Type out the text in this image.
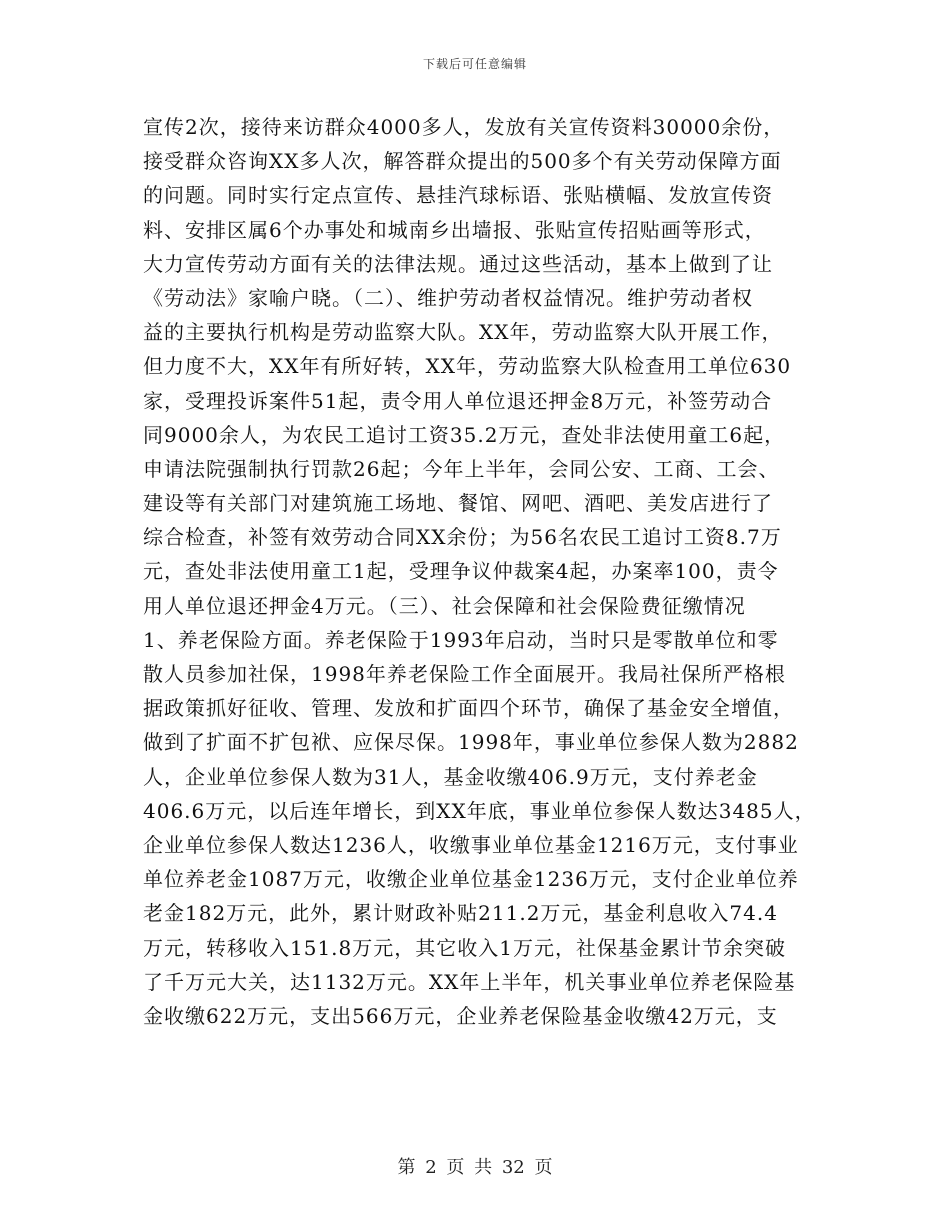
下载后可任意编辑
宣传2次，接待来访群众4000多人，发放有关宣传资料30000余份，
接受群众咨询XX多人次，解答群众提出的500多个有关劳动保障方面
的问题。同时实行定点宣传、悬挂汽球标语、张贴横幅、发放宣传资
料、安排区属6个办事处和城南乡出墙报、张贴宣传招贴画等形式，
大力宣传劳动方面有关的法律法规。通过这些活动，基本上做到了让
《劳动法》家喻户晓。（二）、维护劳动者权益情况。维护劳动者权
益的主要执行机构是劳动监察大队。XX年，劳动监察大队开展工作，
但力度不大，XX年有所好转，XX年，劳动监察大队检查用工单位630
家，受理投诉案件51起，责令用人单位退还押金8万元，补签劳动合
同9000余人，为农民工追讨工资35.2万元，查处非法使用童工6起，
申请法院强制执行罚款26起；今年上半年，会同公安、工商、工会、
建设等有关部门对建筑施工场地、餐馆、网吧、酒吧、美发店进行了
综合检查，补签有效劳动合同XX余份；为56名农民工追讨工资8.7万
元，查处非法使用童工1起，受理争议仲裁案4起，办案率100，责令
用人单位退还押金4万元。（三）、社会保障和社会保险费征缴情况
1、养老保险方面。养老保险于1993年启动，当时只是零散单位和零
散人员参加社保，1998年养老保险工作全面展开。我局社保所严格根
据政策抓好征收、管理、发放和扩面四个环节，确保了基金安全增值，
做到了扩面不扩包袱、应保尽保。1998年，事业单位参保人数为2882
人，企业单位参保人数为31人，基金收缴406.9万元，支付养老金
406.6万元，以后连年增长，到XX年底，事业单位参保人数达3485人，
企业单位参保人数达1236人，收缴事业单位基金1216万元，支付事业
单位养老金1087万元，收缴企业单位基金1236万元，支付企业单位养
老金182万元，此外，累计财政补贴211.2万元，基金利息收入74.4
万元，转移收入151.8万元，其它收入1万元，社保基金累计节余突破
了千万元大关，达1132万元。XX年上半年，机关事业单位养老保险基
金收缴622万元，支出566万元，企业养老保险基金收缴42万元，支
第 2 页 共 32 页
